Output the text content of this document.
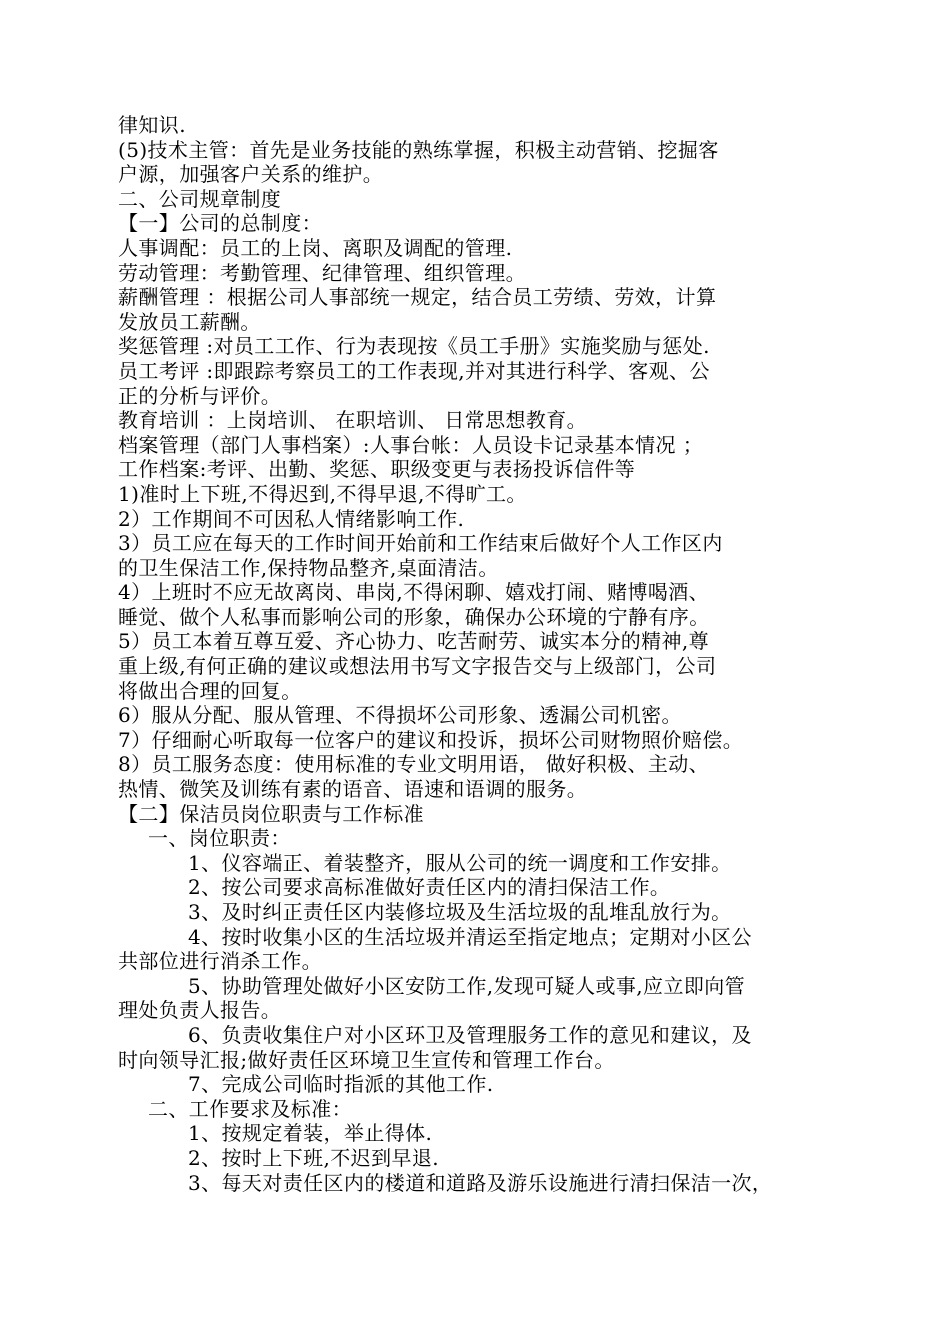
律知识.
(5)技术主管：首先是业务技能的熟练掌握，积极主动营销、挖掘客
户源，加强客户关系的维护。
二、公司规章制度
【一】公司的总制度：
人事调配：员工的上岗、离职及调配的管理.
劳动管理：考勤管理、纪律管理、组织管理。
薪酬管理 ：根据公司人事部统一规定，结合员工劳绩、劳效，计算
发放员工薪酬。
奖惩管理 :对员工工作、行为表现按《员工手册》实施奖励与惩处.
员工考评 :即跟踪考察员工的工作表现,并对其进行科学、客观、公
正的分析与评价。
教育培训 ：上岗培训、 在职培训、 日常思想教育。
档案管理（部门人事档案）:人事台帐：人员设卡记录基本情况 ；
工作档案:考评、出勤、奖惩、职级变更与表扬投诉信件等
1)准时上下班,不得迟到,不得早退,不得旷工。
2）工作期间不可因私人情绪影响工作.
3）员工应在每天的工作时间开始前和工作结束后做好个人工作区内
的卫生保洁工作,保持物品整齐,桌面清洁。
4）上班时不应无故离岗、串岗,不得闲聊、嬉戏打闹、赌博喝酒、
睡觉、做个人私事而影响公司的形象，确保办公环境的宁静有序。
5）员工本着互尊互爱、齐心协力、吃苦耐劳、诚实本分的精神,尊
重上级,有何正确的建议或想法用书写文字报告交与上级部门，公司
将做出合理的回复。
6）服从分配、服从管理、不得损坏公司形象、透漏公司机密。
7）仔细耐心听取每一位客户的建议和投诉，损坏公司财物照价赔偿。
8）员工服务态度：使用标准的专业文明用语， 做好积极、主动、
热情、微笑及训练有素的语音、语速和语调的服务。
【二】保洁员岗位职责与工作标准
一、岗位职责：
1、仪容端正、着装整齐，服从公司的统一调度和工作安排。
2、按公司要求高标准做好责任区内的清扫保洁工作。
3、及时纠正责任区内装修垃圾及生活垃圾的乱堆乱放行为。
4、按时收集小区的生活垃圾并清运至指定地点；定期对小区公
共部位进行消杀工作。
5、协助管理处做好小区安防工作,发现可疑人或事,应立即向管
理处负责人报告。
6、负责收集住户对小区环卫及管理服务工作的意见和建议，及
时向领导汇报;做好责任区环境卫生宣传和管理工作台。
7、完成公司临时指派的其他工作.
二、工作要求及标准：
1、按规定着装，举止得体.
2、按时上下班,不迟到早退.
3、每天对责任区内的楼道和道路及游乐设施进行清扫保洁一次，
